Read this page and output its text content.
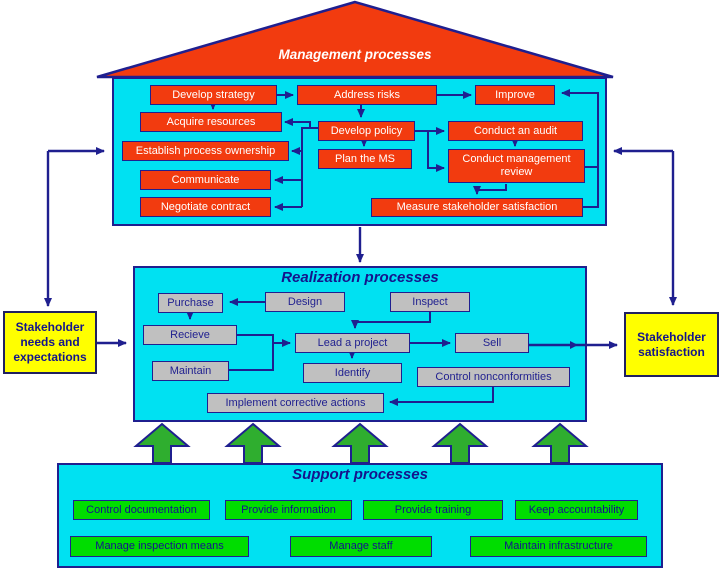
Management processes
Realization processes
Support processes
Stakeholder needs and expectations
Stakeholder satisfaction
Develop strategy	Address risks	Improve
Acquire resources
Develop policy	Conduct an audit
Establish process ownership
Plan the MS	Conduct management review
Communicate
Negotiate contract	Measure stakeholder satisfaction
Purchase	Design	Inspect
Recieve
Lead a project	Sell
Maintain	Identify	Control nonconformities
Implement corrective actions
Control documentation	Provide information	Provide training	Keep accountability
Manage inspection means	Manage staff	Maintain infrastructure
